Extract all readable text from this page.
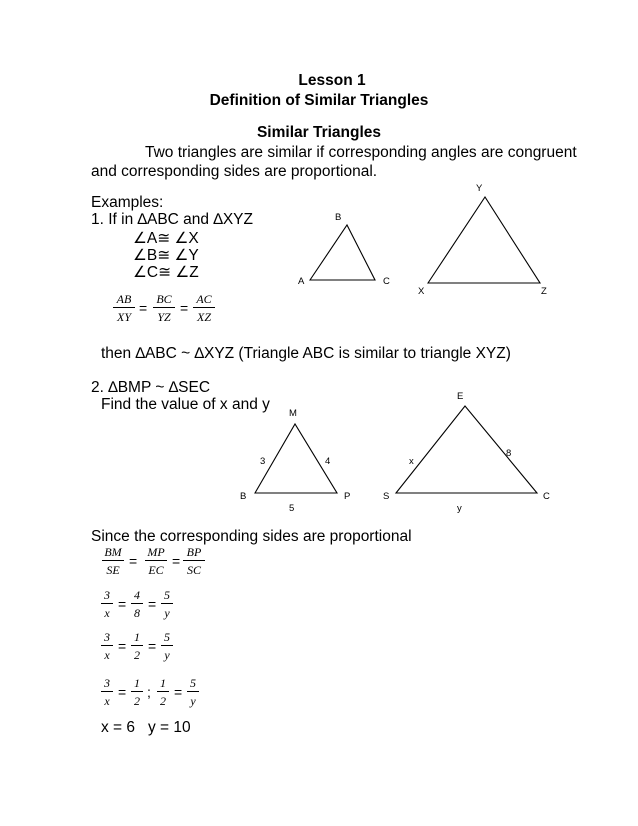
Lesson 1
Definition of Similar Triangles
Similar Triangles
Two triangles are similar if corresponding angles are congruent
and corresponding sides are proportional.
Examples:
1. If in ∆ABC and ∆XYZ
∠A≅ ∠X
∠B≅ ∠Y
∠C≅ ∠Z
AB
XY
=
BC
YZ
=
AC
XZ
B
A	C
Y
X	Z
then ∆ABC ~ ∆XYZ (Triangle ABC is similar to triangle XYZ)
2. ∆BMP ~ ∆SEC
Find the value of x and y
M
B	P
3	4
5
E
S	C
x
8
y
Since the corresponding sides are proportional
BM
SE
=
MP
EC
=
BP
SC
3
x
=
4
8
=
5
y
3
x
=
1
2
=
5
y
3
x
=
1
2
;
1
2
=
5
y
x = 6   y = 10
